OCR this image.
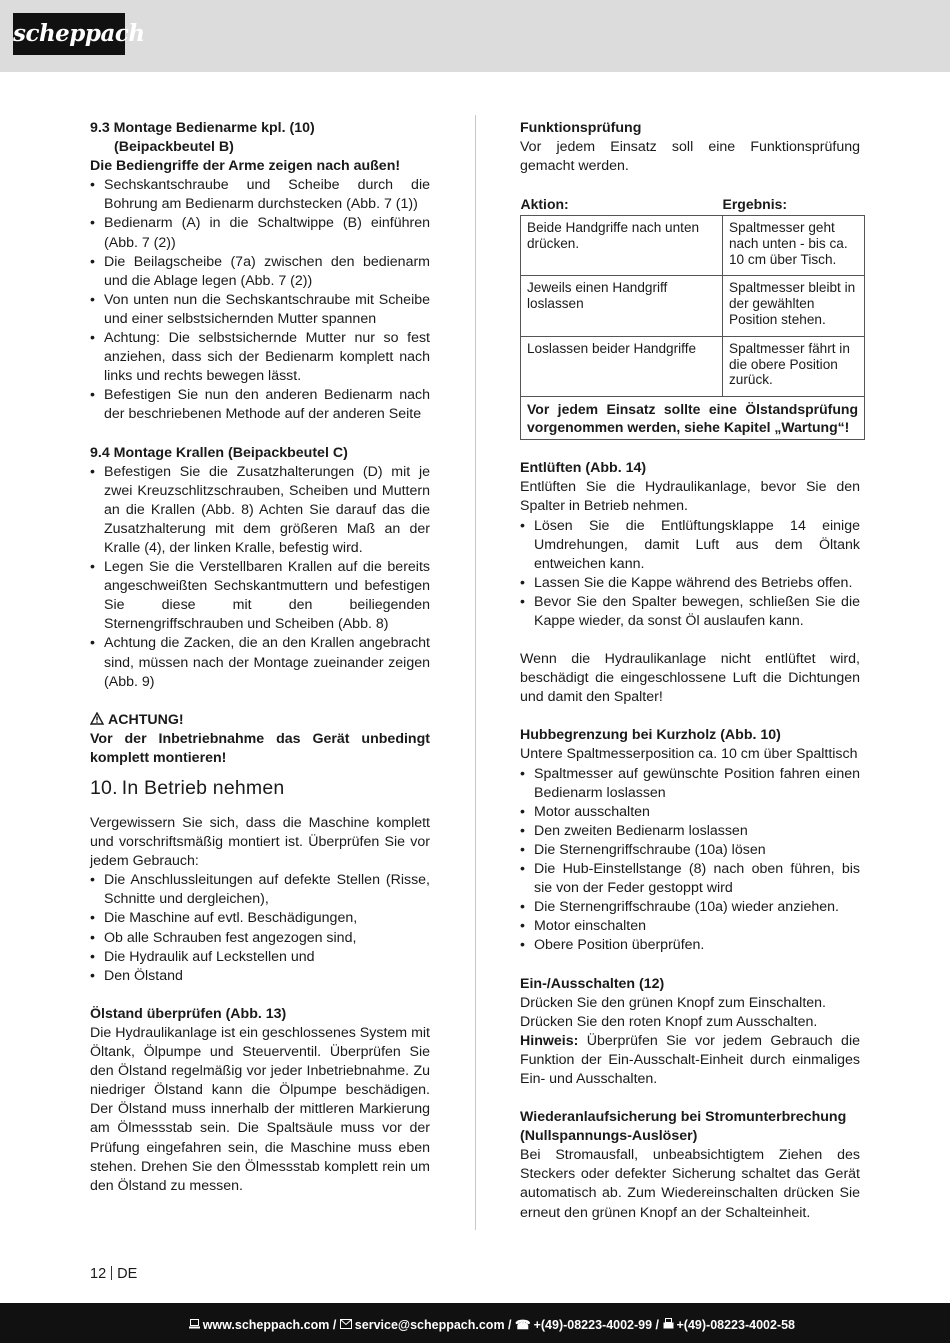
scheppach

9.3 Montage Bedienarme kpl. (10)

(Beipackbeutel B)

Die Bediengriffe der Arme zeigen nach außen!

• Sechskantschraube und Scheibe durch die Bohrung am Bedienarm durchstecken (Abb. 7 (1))
• Bedienarm (A) in die Schaltwippe (B) einführen (Abb. 7 (2))
• Die Beilagscheibe (7a) zwischen den bedienarm und die Ablage legen (Abb. 7 (2))
• Von unten nun die Sechskantschraube mit Scheibe und einer selbstsichernden Mutter spannen
• Achtung: Die selbstsichernde Mutter nur so fest anziehen, dass sich der Bedienarm komplett nach links und rechts bewegen lässt.
• Befestigen Sie nun den anderen Bedienarm nach der beschriebenen Methode auf der anderen Seite

9.4 Montage Krallen (Beipackbeutel C)

• Befestigen Sie die Zusatzhalterungen (D) mit je zwei Kreuzschlitzschrauben, Scheiben und Muttern an die Krallen (Abb. 8) Achten Sie darauf das die Zusatzhalterung mit dem größeren Maß an der Kralle (4), der linken Kralle, befestig wird.
• Legen Sie die Verstellbaren Krallen auf die bereits angeschweißten Sechskantmuttern und befestigen Sie diese mit den beiliegenden Sternengriffschrauben und Scheiben (Abb. 8)
• Achtung die Zacken, die an den Krallen angebracht sind, müssen nach der Montage zueinander zeigen (Abb. 9)

ACHTUNG!

Vor der Inbetriebnahme das Gerät unbedingt komplett montieren!

10. In Betrieb nehmen

Vergewissern Sie sich, dass die Maschine komplett und vorschriftsmäßig montiert ist. Überprüfen Sie vor jedem Gebrauch:

• Die Anschlussleitungen auf defekte Stellen (Risse, Schnitte und dergleichen),
• Die Maschine auf evtl. Beschädigungen,
• Ob alle Schrauben fest angezogen sind,
• Die Hydraulik auf Leckstellen und
• Den Ölstand

Ölstand überprüfen (Abb. 13)

Die Hydraulikanlage ist ein geschlossenes System mit Öltank, Ölpumpe und Steuerventil. Überprüfen Sie den Ölstand regelmäßig vor jeder Inbetriebnahme. Zu niedriger Ölstand kann die Ölpumpe beschädigen. Der Ölstand muss innerhalb der mittleren Markierung am Ölmessstab sein. Die Spaltsäule muss vor der Prüfung eingefahren sein, die Maschine muss eben stehen. Drehen Sie den Ölmessstab komplett rein um den Ölstand zu messen.

Funktionsprüfung

Vor jedem Einsatz soll eine Funktionsprüfung gemacht werden.

Aktion:	Ergebnis:
Beide Handgriffe nach unten drücken.	Spaltmesser geht nach unten - bis ca. 10 cm über Tisch.
Jeweils einen Handgriff loslassen	Spaltmesser bleibt in der gewählten Position stehen.
Loslassen beider Handgriffe	Spaltmesser fährt in die obere Position zurück.
Vor jedem Einsatz sollte eine Ölstandsprüfung vorgenommen werden, siehe Kapitel „Wartung“!	

Entlüften (Abb. 14)

Entlüften Sie die Hydraulikanlage, bevor Sie den Spalter in Betrieb nehmen.

• Lösen Sie die Entlüftungsklappe 14 einige Umdrehungen, damit Luft aus dem Öltank entweichen kann.
• Lassen Sie die Kappe während des Betriebs offen.
• Bevor Sie den Spalter bewegen, schließen Sie die Kappe wieder, da sonst Öl auslaufen kann.

Wenn die Hydraulikanlage nicht entlüftet wird, beschädigt die eingeschlossene Luft die Dichtungen und damit den Spalter!

Hubbegrenzung bei Kurzholz (Abb. 10)

Untere Spaltmesserposition ca. 10 cm über Spalttisch

• Spaltmesser auf gewünschte Position fahren einen Bedienarm loslassen
• Motor ausschalten
• Den zweiten Bedienarm loslassen
• Die Sternengriffschraube (10a) lösen
• Die Hub-Einstellstange (8) nach oben führen, bis sie von der Feder gestoppt wird
• Die Sternengriffschraube (10a) wieder anziehen.
• Motor einschalten
• Obere Position überprüfen.

Ein-/Ausschalten (12)

Drücken Sie den grünen Knopf zum Einschalten.

Drücken Sie den roten Knopf zum Ausschalten.

Hinweis: Überprüfen Sie vor jedem Gebrauch die Funktion der Ein-Ausschalt-Einheit durch einmaliges Ein- und Ausschalten.

Wiederanlaufsicherung bei Stromunterbrechung (Nullspannungs-Auslöser)

Bei Stromausfall, unbeabsichtigtem Ziehen des Steckers oder defekter Sicherung schaltet das Gerät automatisch ab. Zum Wiedereinschalten drücken Sie erneut den grünen Knopf an der Schalteinheit.

12 DE
www.scheppach.com / service@scheppach.com / ☎ +(49)-08223-4002-99 / +(49)-08223-4002-58
